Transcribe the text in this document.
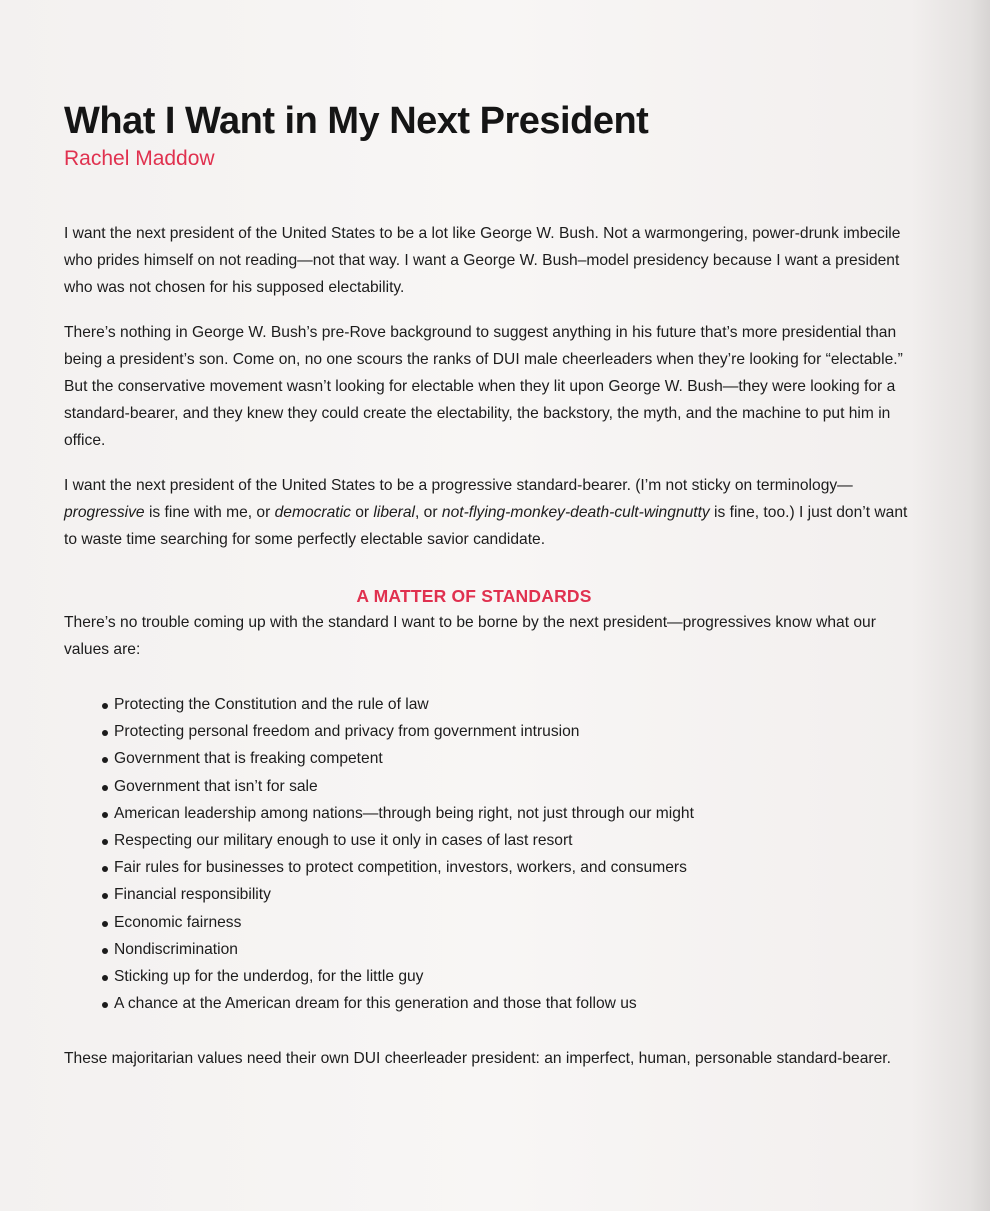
What I Want in My Next President
Rachel Maddow

I want the next president of the United States to be a lot like George W. Bush. Not a warmongering, power-drunk imbecile who prides himself on not reading—not that way. I want a George W. Bush–model presidency because I want a president who was not chosen for his supposed electability.

There’s nothing in George W. Bush’s pre-Rove background to suggest anything in his future that’s more presidential than being a president’s son. Come on, no one scours the ranks of DUI male cheerleaders when they’re looking for “electable.” But the conservative movement wasn’t looking for electable when they lit upon George W. Bush—they were looking for a standard-bearer, and they knew they could create the electability, the backstory, the myth, and the machine to put him in office.

I want the next president of the United States to be a progressive standard-bearer. (I’m not sticky on terminology—progressive is fine with me, or democratic or liberal, or not-flying-monkey-death-cult-wingnutty is fine, too.) I just don’t want to waste time searching for some perfectly electable savior candidate.

A MATTER OF STANDARDS

There’s no trouble coming up with the standard I want to be borne by the next president—progressives know what our values are:

Protecting the Constitution and the rule of law
Protecting personal freedom and privacy from government intrusion
Government that is freaking competent
Government that isn’t for sale
American leadership among nations—through being right, not just through our might
Respecting our military enough to use it only in cases of last resort
Fair rules for businesses to protect competition, investors, workers, and consumers
Financial responsibility
Economic fairness
Nondiscrimination
Sticking up for the underdog, for the little guy
A chance at the American dream for this generation and those that follow us

These majoritarian values need their own DUI cheerleader president: an imperfect, human, personable standard-bearer.
